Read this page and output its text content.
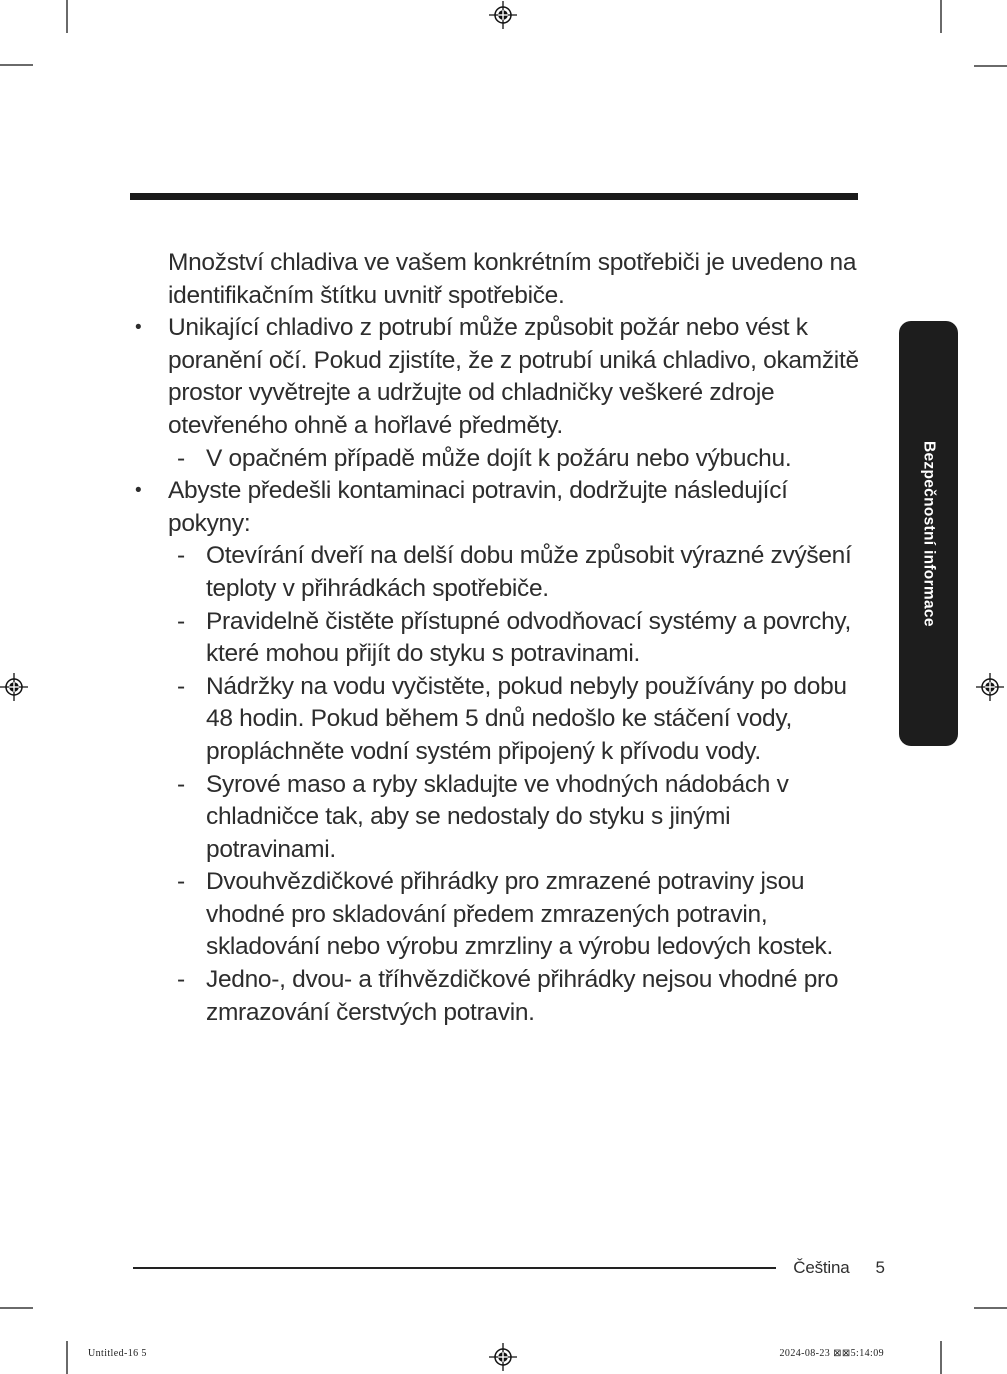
Množství chladiva ve vašem konkrétním spotřebiči je uvedeno na identifikačním štítku uvnitř spotřebiče.
•	Unikající chladivo z potrubí může způsobit požár nebo vést k poranění očí. Pokud zjistíte, že z potrubí uniká chladivo, okamžitě prostor vyvětrejte a udržujte od chladničky veškeré zdroje otevřeného ohně a hořlavé předměty.
- V opačném případě může dojít k požáru nebo výbuchu.
•	Abyste předešli kontaminaci potravin, dodržujte následující pokyny:
- Otevírání dveří na delší dobu může způsobit výrazné zvýšení teploty v přihrádkách spotřebiče.
- Pravidelně čistěte přístupné odvodňovací systémy a povrchy, které mohou přijít do styku s potravinami.
- Nádržky na vodu vyčistěte, pokud nebyly používány po dobu 48 hodin. Pokud během 5 dnů nedošlo ke stáčení vody, propláchněte vodní systém připojený k přívodu vody.
- Syrové maso a ryby skladujte ve vhodných nádobách v chladničce tak, aby se nedostaly do styku s jinými potravinami.
- Dvouhvězdičkové přihrádky pro zmrazené potraviny jsou vhodné pro skladování předem zmrazených potravin, skladování nebo výrobu zmrzliny a výrobu ledových kostek.
- Jedno-, dvou- a tříhvězdičkové přihrádky nejsou vhodné pro zmrazování čerstvých potravin.
Bezpečnostní informace
Čeština 5
Untitled-16 5	2024-08-23 ⊠⊠5:14:09
